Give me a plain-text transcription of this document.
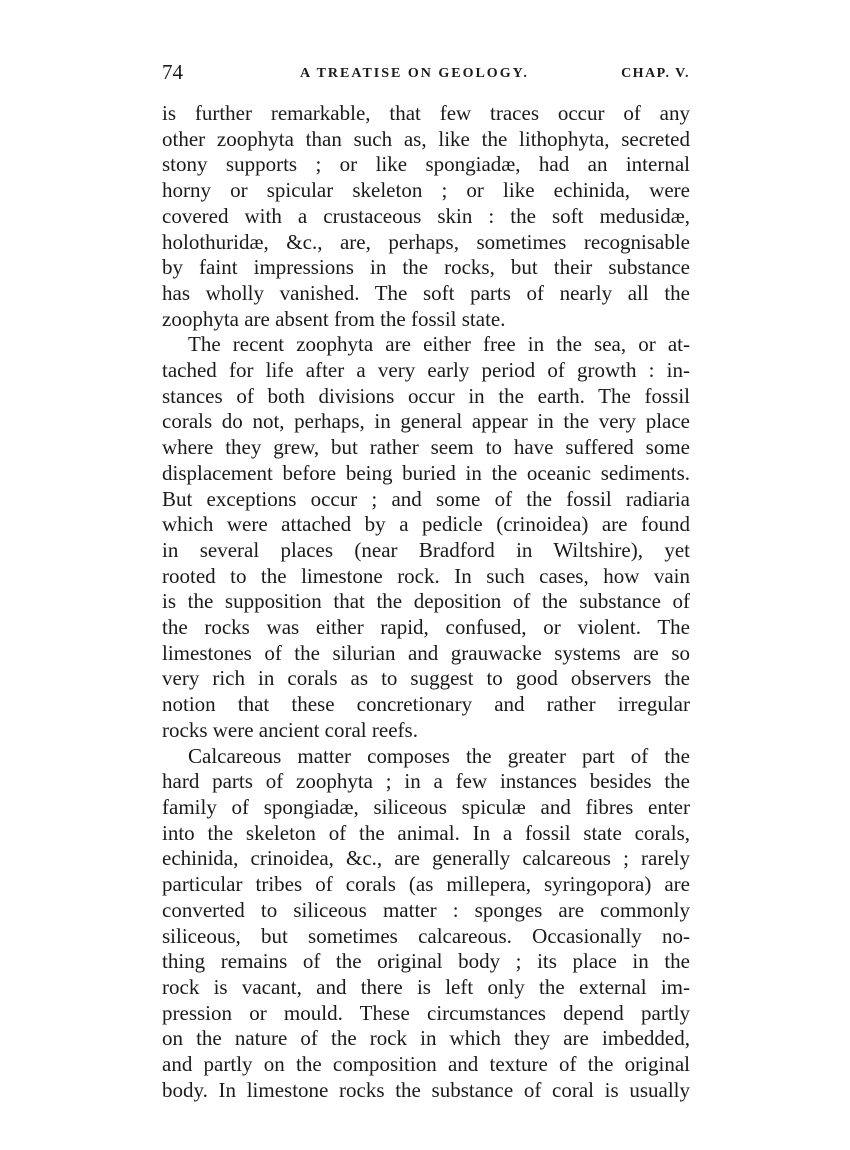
74	A TREATISE ON GEOLOGY.	CHAP. V.
is further remarkable, that few traces occur of any
other zoophyta than such as, like the lithophyta, secreted
stony supports ; or like spongiadæ, had an internal
horny or spicular skeleton ; or like echinida, were
covered with a crustaceous skin : the soft medusidæ,
holothuridæ, &c., are, perhaps, sometimes recognisable
by faint impressions in the rocks, but their substance
has wholly vanished. The soft parts of nearly all the
zoophyta are absent from the fossil state.
The recent zoophyta are either free in the sea, or at-
tached for life after a very early period of growth : in-
stances of both divisions occur in the earth. The fossil
corals do not, perhaps, in general appear in the very place
where they grew, but rather seem to have suffered some
displacement before being buried in the oceanic sediments.
But exceptions occur ; and some of the fossil radiaria
which were attached by a pedicle (crinoidea) are found
in several places (near Bradford in Wiltshire), yet
rooted to the limestone rock. In such cases, how vain
is the supposition that the deposition of the substance of
the rocks was either rapid, confused, or violent. The
limestones of the silurian and grauwacke systems are so
very rich in corals as to suggest to good observers the
notion that these concretionary and rather irregular
rocks were ancient coral reefs.
Calcareous matter composes the greater part of the
hard parts of zoophyta ; in a few instances besides the
family of spongiadæ, siliceous spiculæ and fibres enter
into the skeleton of the animal. In a fossil state corals,
echinida, crinoidea, &c., are generally calcareous ; rarely
particular tribes of corals (as millepera, syringopora) are
converted to siliceous matter : sponges are commonly
siliceous, but sometimes calcareous. Occasionally no-
thing remains of the original body ; its place in the
rock is vacant, and there is left only the external im-
pression or mould. These circumstances depend partly
on the nature of the rock in which they are imbedded,
and partly on the composition and texture of the original
body. In limestone rocks the substance of coral is usually
